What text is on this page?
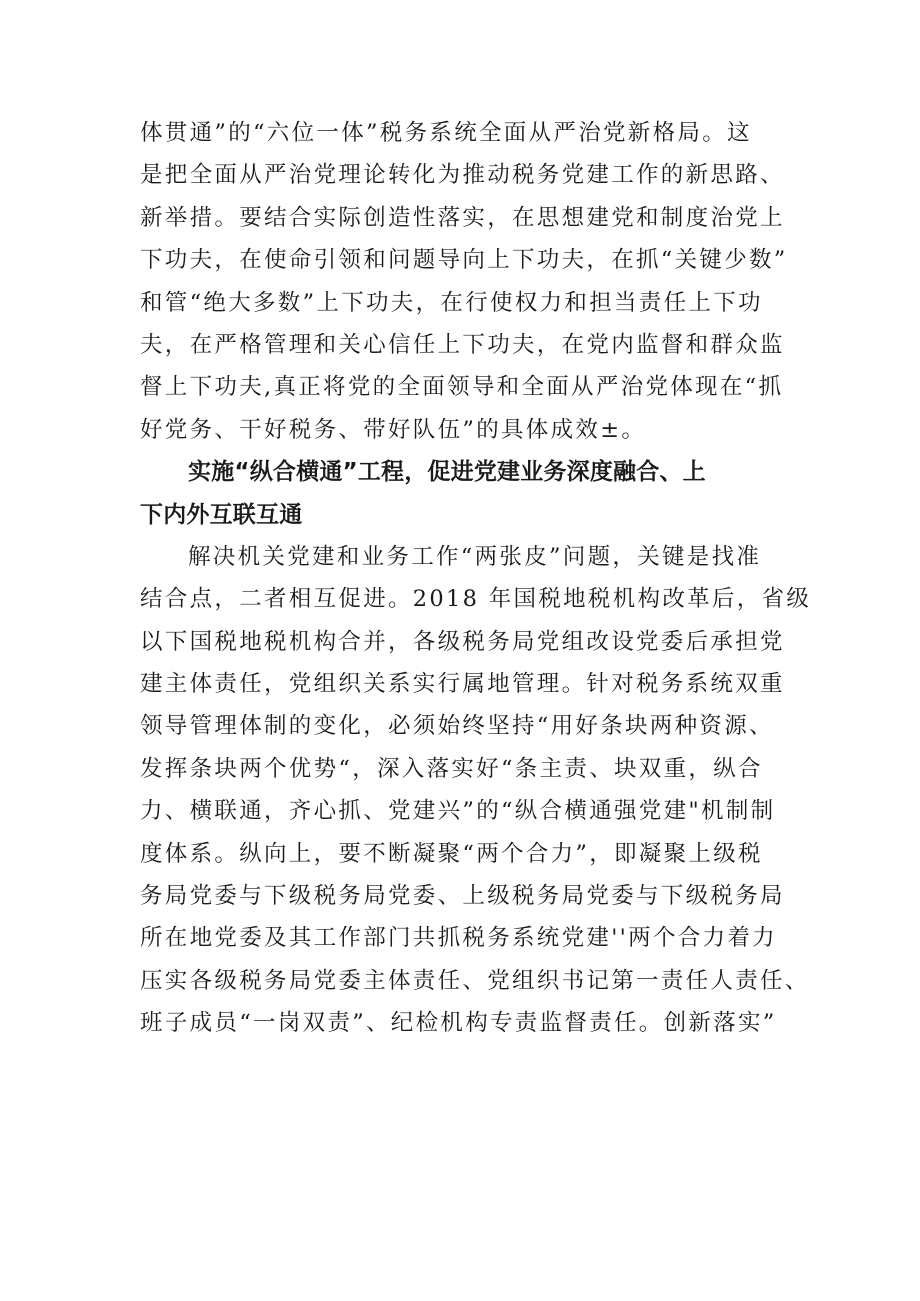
体贯通”的“六位一体”税务系统全面从严治党新格局。这
是把全面从严治党理论转化为推动税务党建工作的新思路、
新举措。要结合实际创造性落实，在思想建党和制度治党上
下功夫，在使命引领和问题导向上下功夫，在抓“关键少数”
和管“绝大多数”上下功夫，在行使权力和担当责任上下功
夫，在严格管理和关心信任上下功夫，在党内监督和群众监
督上下功夫,真正将党的全面领导和全面从严治党体现在“抓
好党务、干好税务、带好队伍”的具体成效±。
实施“纵合横通”工程，促进党建业务深度融合、上
下内外互联互通
解决机关党建和业务工作“两张皮”问题，关键是找准
结合点，二者相互促进。2018 年国税地税机构改革后，省级
以下国税地税机构合并，各级税务局党组改设党委后承担党
建主体责任，党组织关系实行属地管理。针对税务系统双重
领导管理体制的变化，必须始终坚持“用好条块两种资源、
发挥条块两个优势“，深入落实好“条主责、块双重，纵合
力、横联通，齐心抓、党建兴”的“纵合横通强党建"机制制
度体系。纵向上，要不断凝聚“两个合力”，即凝聚上级税
务局党委与下级税务局党委、上级税务局党委与下级税务局
所在地党委及其工作部门共抓税务系统党建''两个合力着力
压实各级税务局党委主体责任、党组织书记第一责任人责任、
班子成员“一岗双责”、纪检机构专责监督责任。创新落实”
